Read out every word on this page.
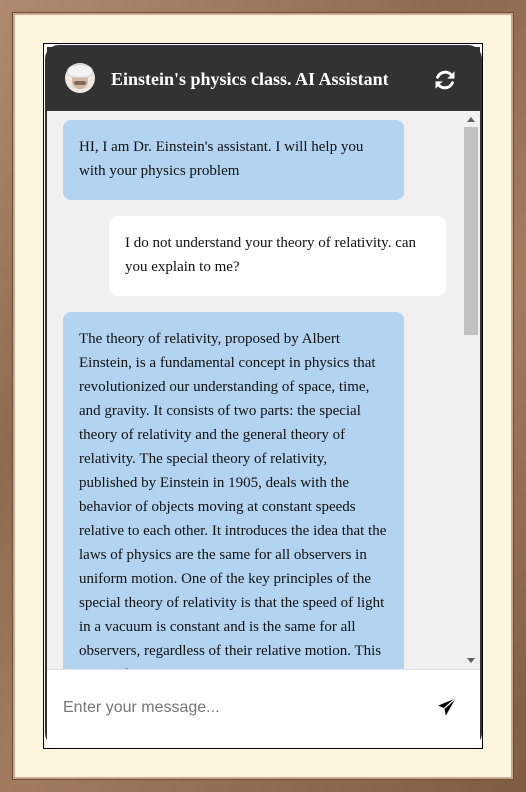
Einstein's physics class. AI Assistant
HI, I am Dr. Einstein's assistant. I will help you with your physics problem
I do not understand your theory of relativity. can you explain to me?
The theory of relativity, proposed by Albert Einstein, is a fundamental concept in physics that revolutionized our understanding of space, time, and gravity. It consists of two parts: the special theory of relativity and the general theory of relativity. The special theory of relativity, published by Einstein in 1905, deals with the behavior of objects moving at constant speeds relative to each other. It introduces the idea that the laws of physics are the same for all observers in uniform motion. One of the key principles of the special theory of relativity is that the speed of light in a vacuum is constant and is the same for all observers, regardless of their relative motion. This
Enter your message...
